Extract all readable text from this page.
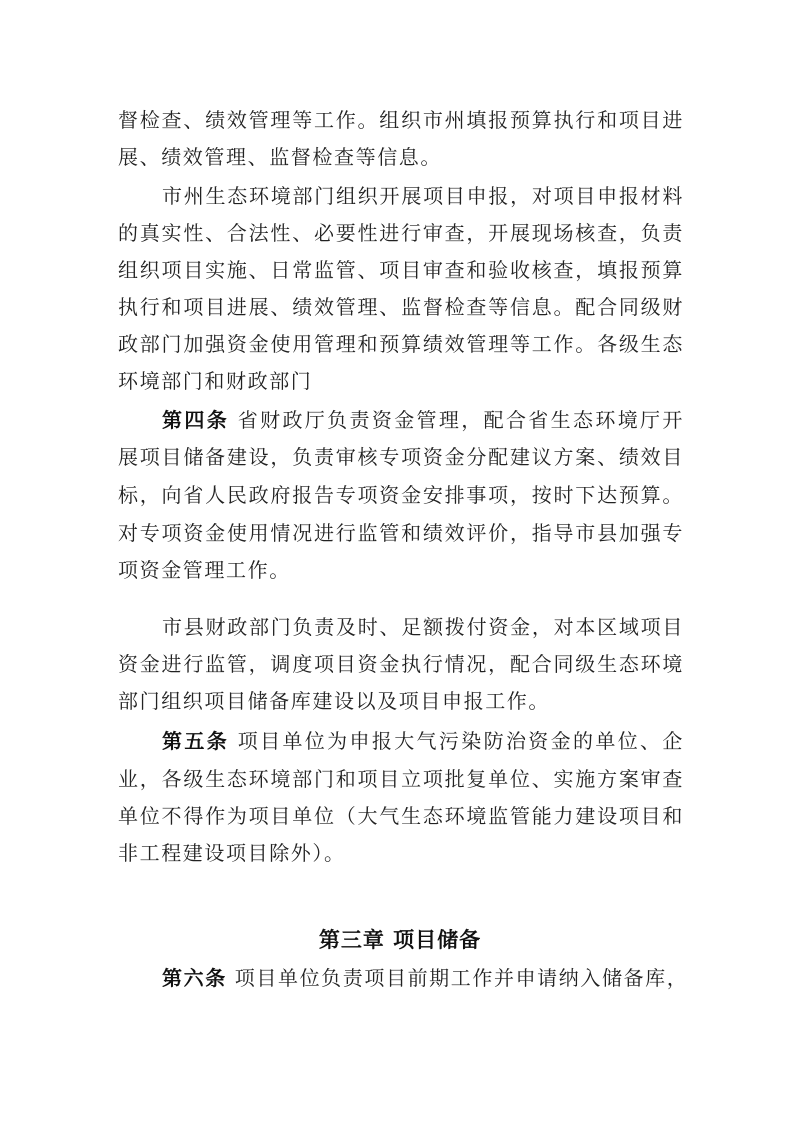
督检查、绩效管理等工作。组织市州填报预算执行和项目进
展、绩效管理、监督检查等信息。
市州生态环境部门组织开展项目申报，对项目申报材料
的真实性、合法性、必要性进行审查，开展现场核查，负责
组织项目实施、日常监管、项目审查和验收核查，填报预算
执行和项目进展、绩效管理、监督检查等信息。配合同级财
政部门加强资金使用管理和预算绩效管理等工作。各级生态
环境部门和财政部门
第四条 省财政厅负责资金管理，配合省生态环境厅开
展项目储备建设，负责审核专项资金分配建议方案、绩效目
标，向省人民政府报告专项资金安排事项，按时下达预算。
对专项资金使用情况进行监管和绩效评价，指导市县加强专
项资金管理工作。
市县财政部门负责及时、足额拨付资金，对本区域项目
资金进行监管，调度项目资金执行情况，配合同级生态环境
部门组织项目储备库建设以及项目申报工作。
第五条 项目单位为申报大气污染防治资金的单位、企
业，各级生态环境部门和项目立项批复单位、实施方案审查
单位不得作为项目单位（大气生态环境监管能力建设项目和
非工程建设项目除外）。
第三章 项目储备
第六条 项目单位负责项目前期工作并申请纳入储备库，
